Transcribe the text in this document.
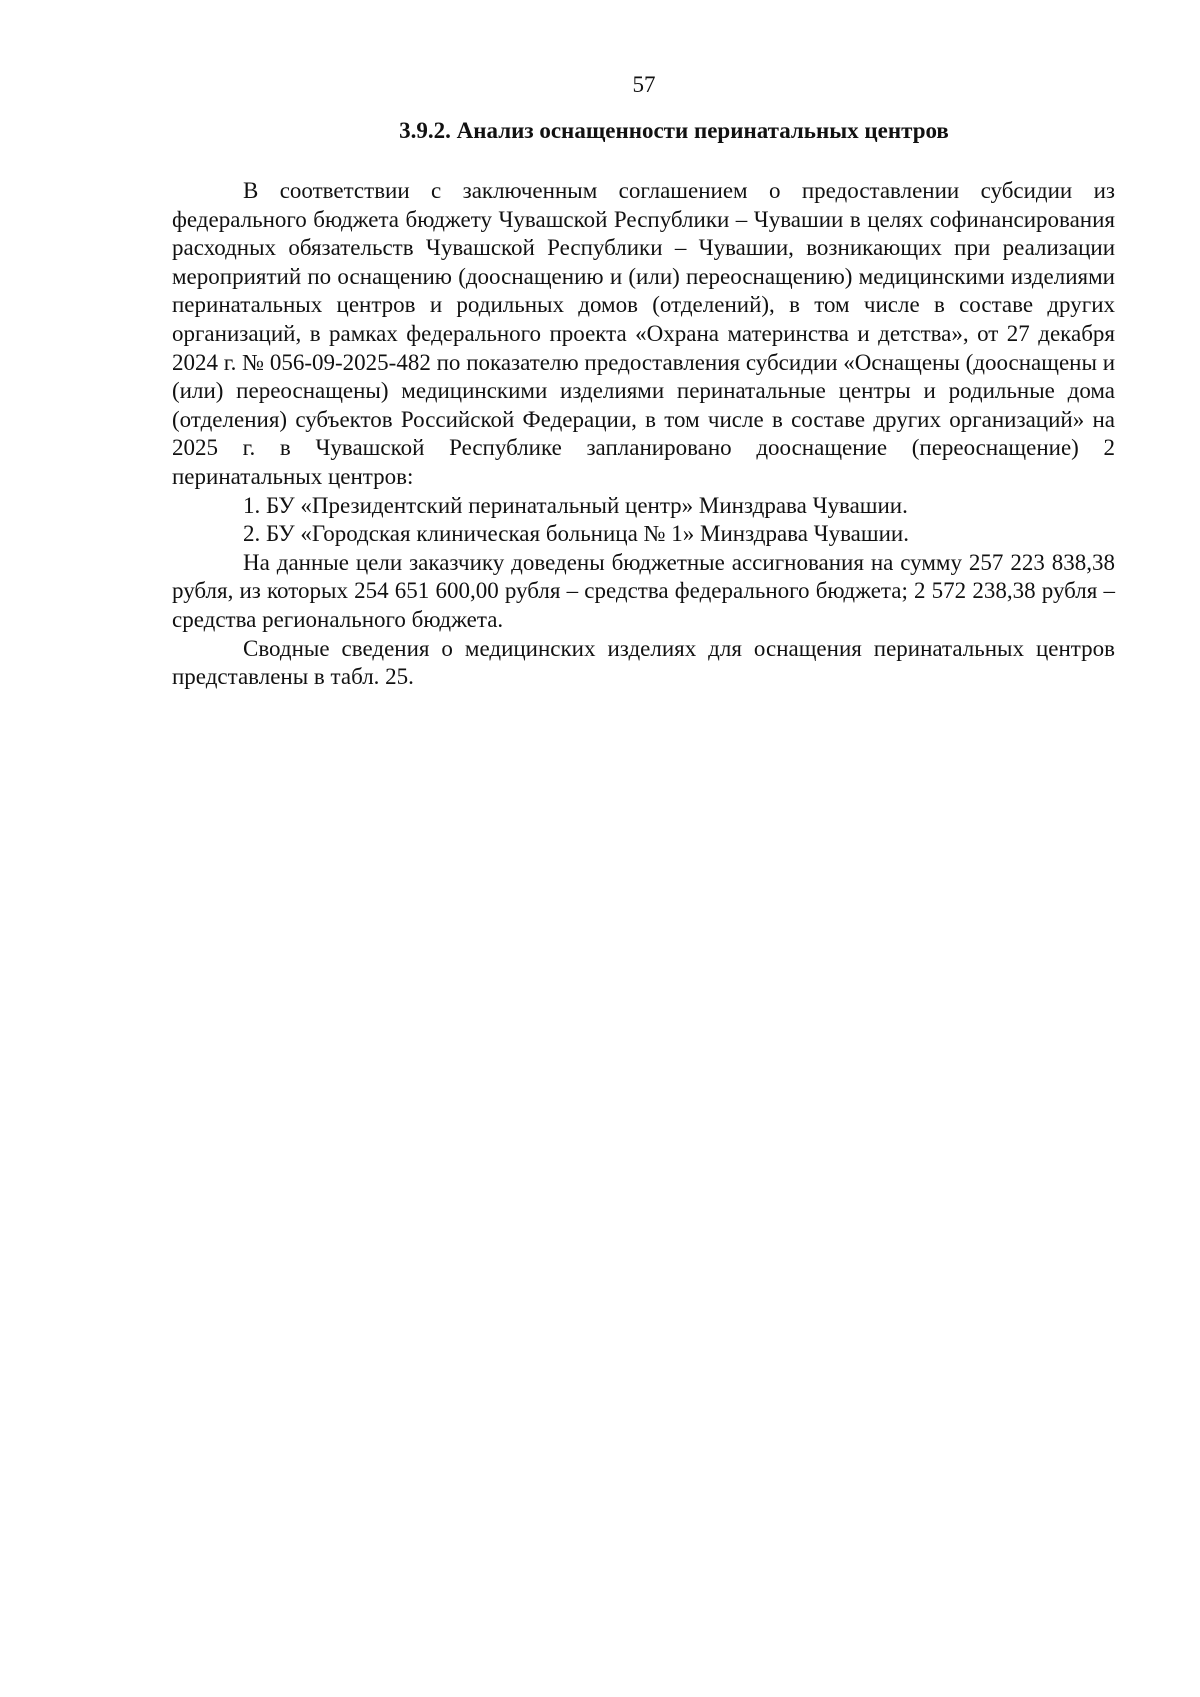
57
3.9.2. Анализ оснащенности перинатальных центров

В соответствии с заключенным соглашением о предоставлении субсидии из федерального бюджета бюджету Чувашской Республики – Чувашии в целях софинансирования расходных обязательств Чувашской Республики – Чувашии, возникающих при реализации мероприятий по оснащению (дооснащению и (или) переоснащению) медицинскими изделиями перинатальных центров и родильных домов (отделений), в том числе в составе других организаций, в рамках федерального проекта «Охрана материнства и детства», от 27 декабря 2024 г. № 056-09-2025-482 по показателю предоставления субсидии «Оснащены (дооснащены и (или) переоснащены) медицинскими изделиями перинатальные центры и родильные дома (отделения) субъектов Российской Федерации, в том числе в составе других организаций» на 2025 г. в Чувашской Республике запланировано дооснащение (переоснащение) 2 перинатальных центров:

1. БУ «Президентский перинатальный центр» Минздрава Чувашии.

2. БУ «Городская клиническая больница № 1» Минздрава Чувашии.

На данные цели заказчику доведены бюджетные ассигнования на сумму 257 223 838,38 рубля, из которых 254 651 600,00 рубля – средства федерального бюджета; 2 572 238,38 рубля – средства регионального бюджета.

Сводные сведения о медицинских изделиях для оснащения перинатальных центров представлены в табл. 25.
